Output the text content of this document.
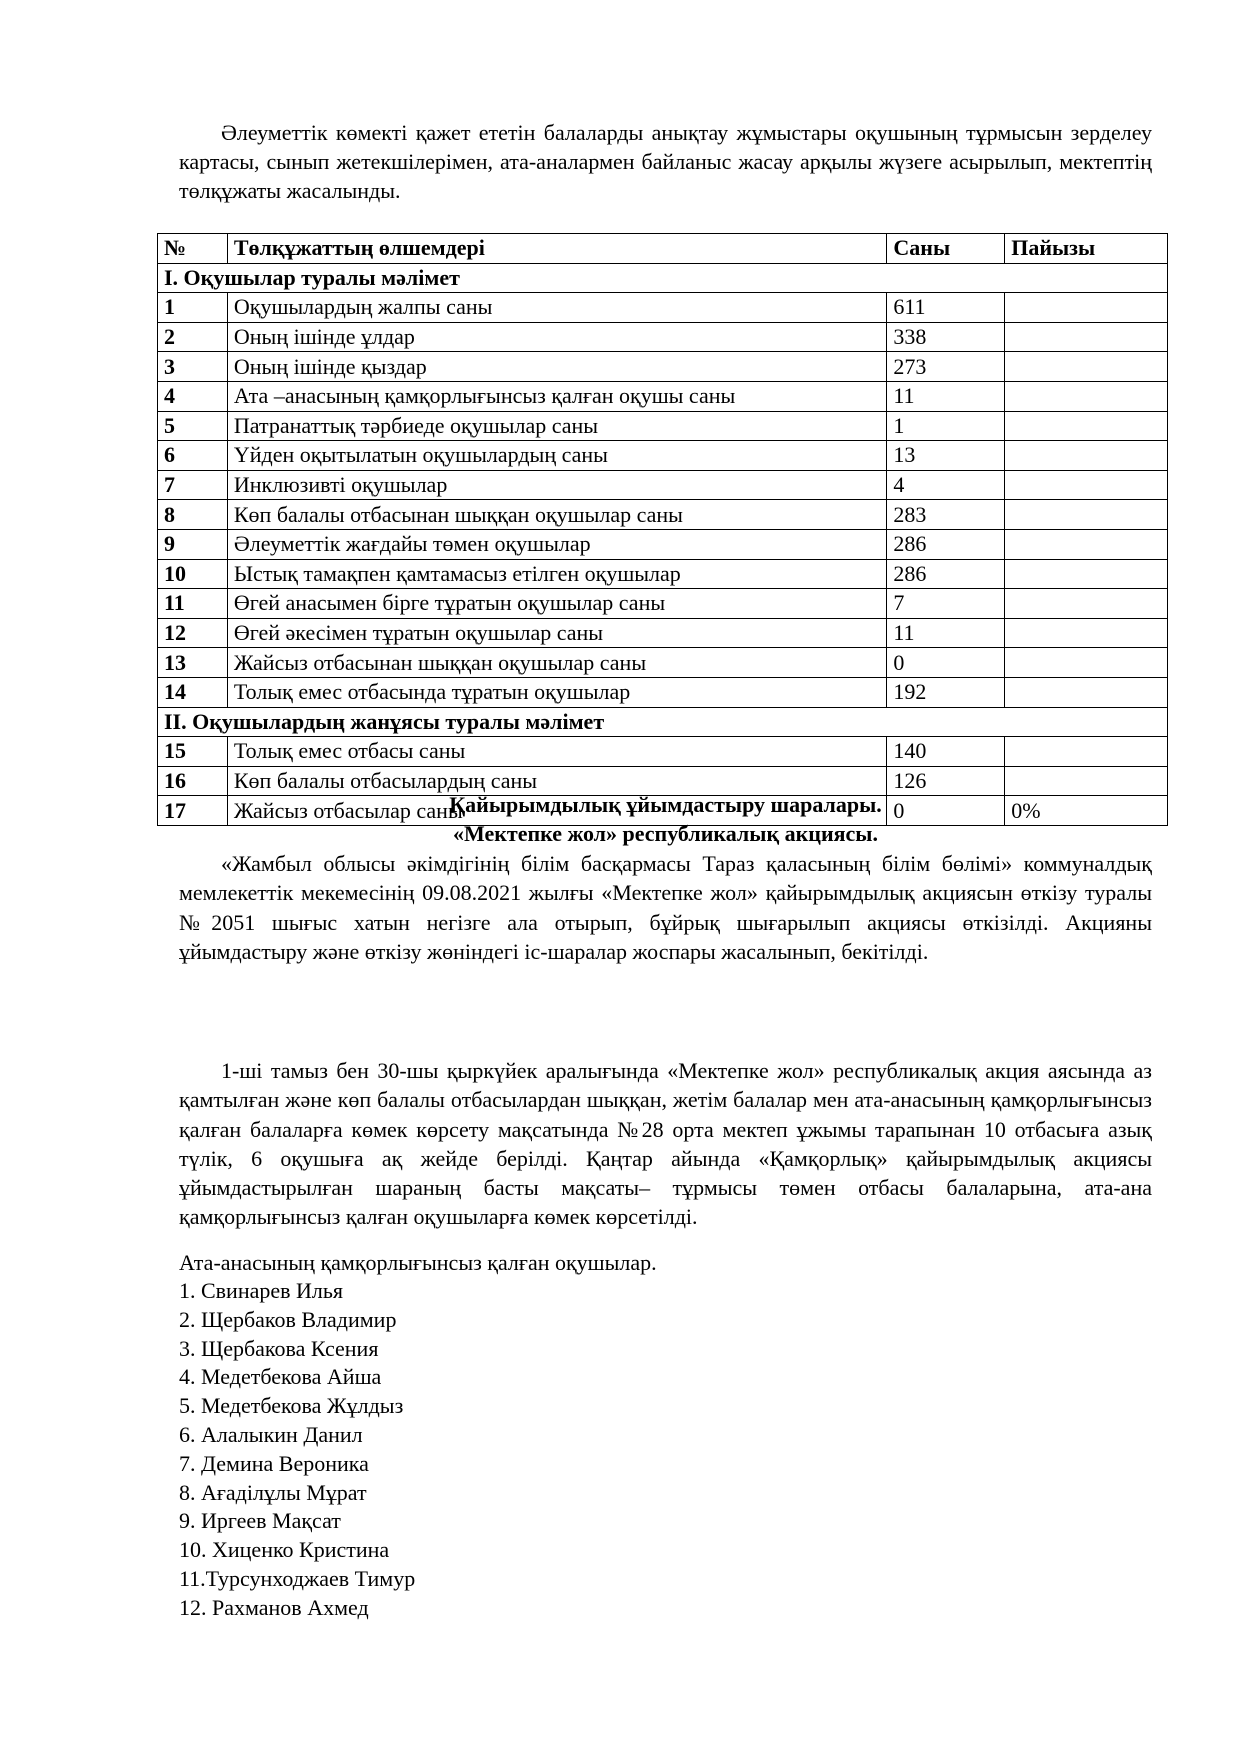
Әлеуметтік көмекті қажет ететін балаларды анықтау жұмыстары оқушының тұрмысын зерделеу картасы, сынып жетекшілерімен, ата-аналармен байланыс жасау арқылы жүзеге асырылып, мектептің төлқұжаты жасалынды.

№	Төлқұжаттың өлшемдері	Саны	Пайызы
I. Оқушылар туралы мәлімет			
1	Оқушылардың жалпы саны	611	
2	Оның ішінде ұлдар	338	
3	Оның ішінде қыздар	273	
4	Ата –анасының қамқорлығынсыз қалған оқушы саны	11	
5	Патранаттық тәрбиеде оқушылар саны	1	
6	Үйден оқытылатын оқушылардың саны	13	
7	Инклюзивті оқушылар	4	
8	Көп балалы отбасынан шыққан оқушылар саны	283	
9	Әлеуметтік жағдайы төмен оқушылар	286	
10	Ыстық тамақпен қамтамасыз етілген оқушылар	286	
11	Өгей анасымен бірге тұратын оқушылар саны	7	
12	Өгей әкесімен тұратын оқушылар саны	11	
13	Жайсыз отбасынан шыққан оқушылар саны	0	
14	Толық емес отбасында тұратын оқушылар	192	
II. Оқушылардың жанұясы туралы мәлімет			
15	Толық емес отбасы саны	140	
16	Көп балалы отбасылардың саны	126	
17	Жайсыз отбасылар саны	0	0%

Қайырымдылық ұйымдастыру шаралары.

«Мектепке жол» республикалық акциясы.

«Жамбыл облысы әкімдігінің білім басқармасы Тараз қаласының білім бөлімі» коммуналдық мемлекеттік мекемесінің 09.08.2021 жылғы «Мектепке жол» қайырымдылық акциясын өткізу туралы №2051 шығыс хатын негізге ала отырып, бұйрық шығарылып акциясы өткізілді. Акцияны ұйымдастыру және өткізу жөніндегі іс-шаралар жоспары жасалынып, бекітілді.

1-ші тамыз бен 30-шы қыркүйек аралығында «Мектепке жол» республикалық акция аясында аз қамтылған және көп балалы отбасылардан шыққан, жетім балалар мен ата-анасының қамқорлығынсыз қалған балаларға көмек көрсету мақсатында №28 орта мектеп ұжымы тарапынан 10 отбасыға азық түлік, 6 оқушыға ақ жейде берілді. Қаңтар айында «Қамқорлық» қайырымдылық акциясы ұйымдастырылған шараның басты мақсаты– тұрмысы төмен отбасы балаларына, ата-ана қамқорлығынсыз қалған оқушыларға көмек көрсетілді.

Ата-анасының қамқорлығынсыз қалған оқушылар.

1. Свинарев Илья
2. Щербаков Владимир
3. Щербакова Ксения
4. Медетбекова Айша
5. Медетбекова Жұлдыз
6. Алалыкин Данил
7. Демина Вероника
8. Ағаділұлы Мұрат
9. Иргеев Мақсат
10. Хиценко Кристина
11.Турсунходжаев Тимур
12. Рахманов Ахмед
